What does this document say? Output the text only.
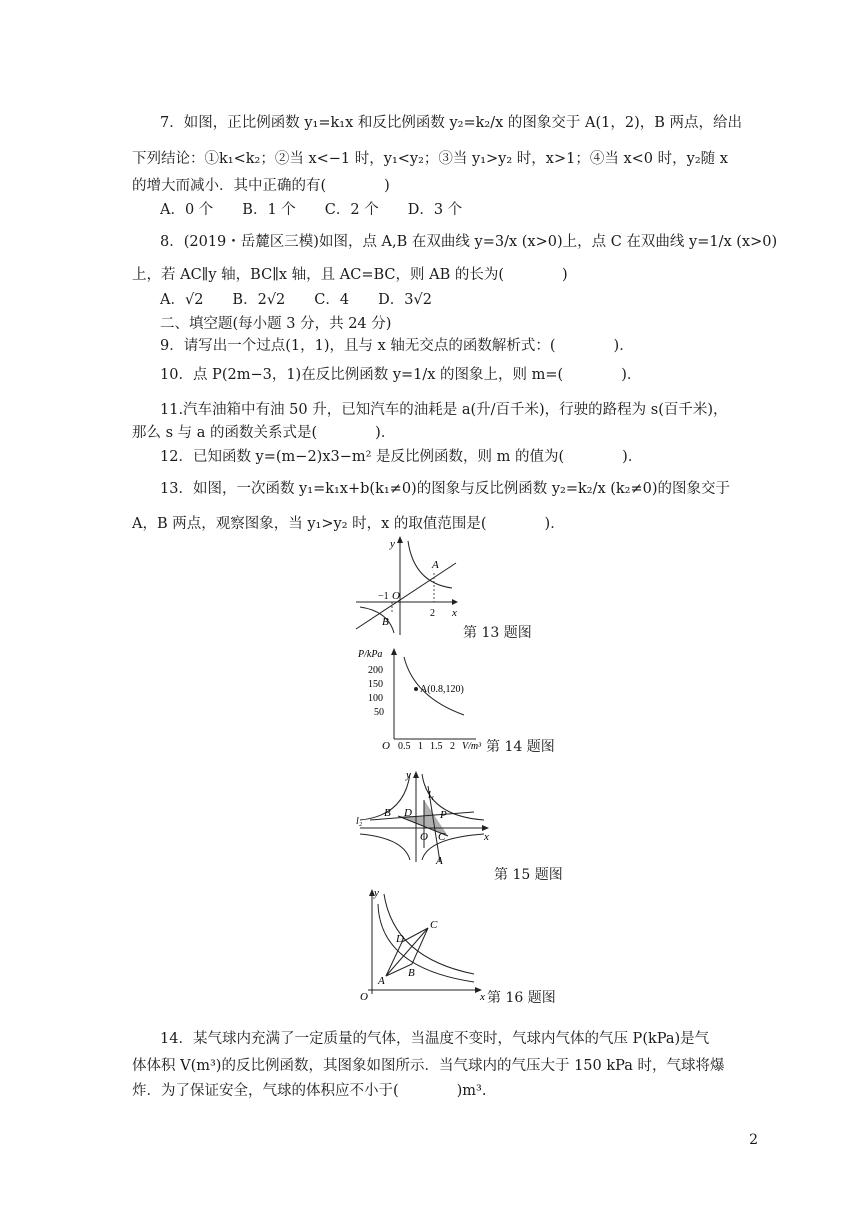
7．如图，正比例函数 y₁=k₁x 和反比例函数 y₂=k₂/x 的图象交于 A(1，2)，B 两点，给出
下列结论：①k₁<k₂；②当 x<−1 时，y₁<y₂；③当 y₁>y₂ 时，x>1；④当 x<0 时，y₂随 x
的增大而减小．其中正确的有(　　　　)
A．0 个　　B．1 个　　C．2 个　　D．3 个
8．(2019・岳麓区三模)如图，点 A,B 在双曲线 y=3/x (x>0)上，点 C 在双曲线 y=1/x (x>0)
上，若 AC∥y 轴，BC∥x 轴，且 AC=BC，则 AB 的长为(　　　　)
A．√2　　B．2√2　　C．4　　D．3√2
二、填空题(每小题 3 分，共 24 分)
9．请写出一个过点(1，1)，且与 x 轴无交点的函数解析式：(　　　　)．
10．点 P(2m−3，1)在反比例函数 y=1/x 的图象上，则 m=(　　　　)．
11.汽车油箱中有油 50 升，已知汽车的油耗是 a(升/百千米)，行驶的路程为 s(百千米)，
那么 s 与 a 的函数关系式是(　　　　)．
12．已知函数 y=(m−2)x3−m² 是反比例函数，则 m 的值为(　　　　)．
13．如图，一次函数 y₁=k₁x+b(k₁≠0)的图象与反比例函数 y₂=k₂/x (k₂≠0)的图象交于
A，B 两点，观察图象，当 y₁>y₂ 时，x 的取值范围是(　　　　)．
y
x
A
B
O
−1
2
第 13 题图
P/kPa
200
150
100
50
A(0.8,120)
O 0.5 1 1.5 2 V/m³ 第 14 题图
y
x
B D	P
O C
A
l₁
l₂
第 15 题图
y
x
O
A
B
C
D
第 16 题图
14．某气球内充满了一定质量的气体，当温度不变时，气球内气体的气压 P(kPa)是气
体体积 V(m³)的反比例函数，其图象如图所示．当气球内的气压大于 150 kPa 时，气球将爆
炸．为了保证安全，气球的体积应不小于(　　　　)m³.
2
